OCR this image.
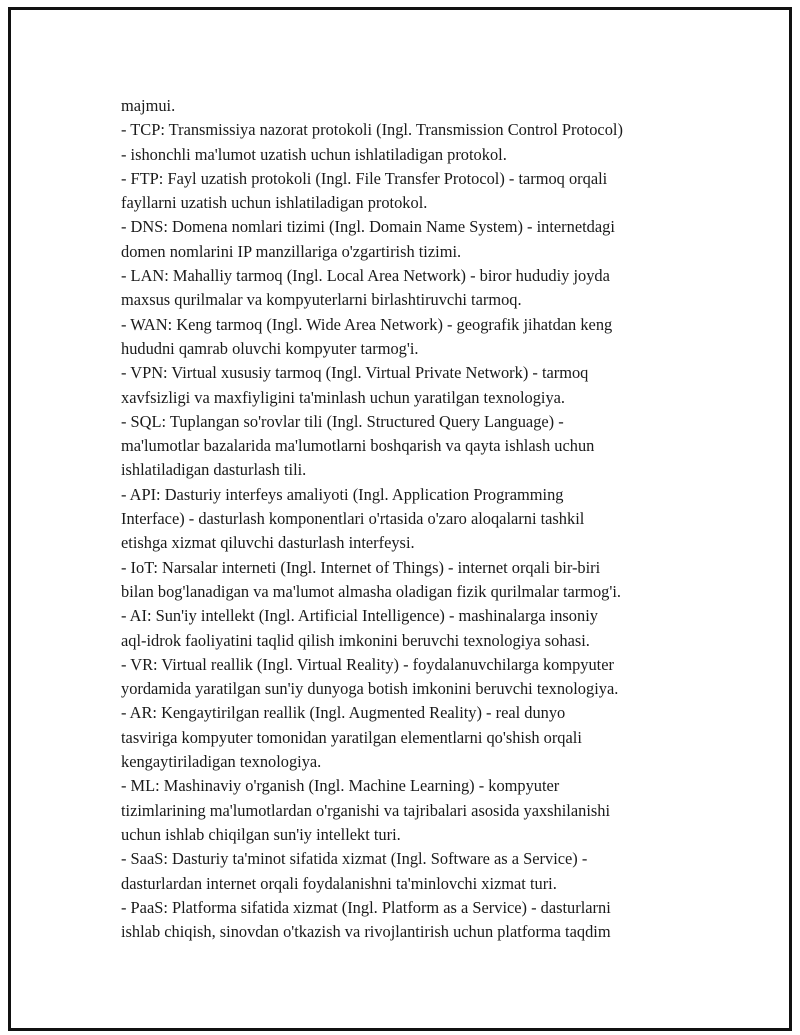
majmui.
- TCP: Transmissiya nazorat protokoli (Ingl. Transmission Control Protocol)
- ishonchli ma'lumot uzatish uchun ishlatiladigan protokol.
- FTP: Fayl uzatish protokoli (Ingl. File Transfer Protocol) - tarmoq orqali
fayllarni uzatish uchun ishlatiladigan protokol.
- DNS: Domena nomlari tizimi (Ingl. Domain Name System) - internetdagi
domen nomlarini IP manzillariga o'zgartirish tizimi.
- LAN: Mahalliy tarmoq (Ingl. Local Area Network) - biror hududiy joyda
maxsus qurilmalar va kompyuterlarni birlashtiruvchi tarmoq.
- WAN: Keng tarmoq (Ingl. Wide Area Network) - geografik jihatdan keng
hududni qamrab oluvchi kompyuter tarmog'i.
- VPN: Virtual xususiy tarmoq (Ingl. Virtual Private Network) - tarmoq
xavfsizligi va maxfiyligini ta'minlash uchun yaratilgan texnologiya.
- SQL: Tuplangan so'rovlar tili (Ingl. Structured Query Language) -
ma'lumotlar bazalarida ma'lumotlarni boshqarish va qayta ishlash uchun
ishlatiladigan dasturlash tili.
- API: Dasturiy interfeys amaliyoti (Ingl. Application Programming
Interface) - dasturlash komponentlari o'rtasida o'zaro aloqalarni tashkil
etishga xizmat qiluvchi dasturlash interfeysi.
- IoT: Narsalar interneti (Ingl. Internet of Things) - internet orqali bir-biri
bilan bog'lanadigan va ma'lumot almasha oladigan fizik qurilmalar tarmog'i.
- AI: Sun'iy intellekt (Ingl. Artificial Intelligence) - mashinalarga insoniy
aql-idrok faoliyatini taqlid qilish imkonini beruvchi texnologiya sohasi.
- VR: Virtual reallik (Ingl. Virtual Reality) - foydalanuvchilarga kompyuter
yordamida yaratilgan sun'iy dunyoga botish imkonini beruvchi texnologiya.
- AR: Kengaytirilgan reallik (Ingl. Augmented Reality) - real dunyo
tasviriga kompyuter tomonidan yaratilgan elementlarni qo'shish orqali
kengaytiriladigan texnologiya.
- ML: Mashinaviy o'rganish (Ingl. Machine Learning) - kompyuter
tizimlarining ma'lumotlardan o'rganishi va tajribalari asosida yaxshilanishi
uchun ishlab chiqilgan sun'iy intellekt turi.
- SaaS: Dasturiy ta'minot sifatida xizmat (Ingl. Software as a Service) -
dasturlardan internet orqali foydalanishni ta'minlovchi xizmat turi.
- PaaS: Platforma sifatida xizmat (Ingl. Platform as a Service) - dasturlarni
ishlab chiqish, sinovdan o'tkazish va rivojlantirish uchun platforma taqdim
